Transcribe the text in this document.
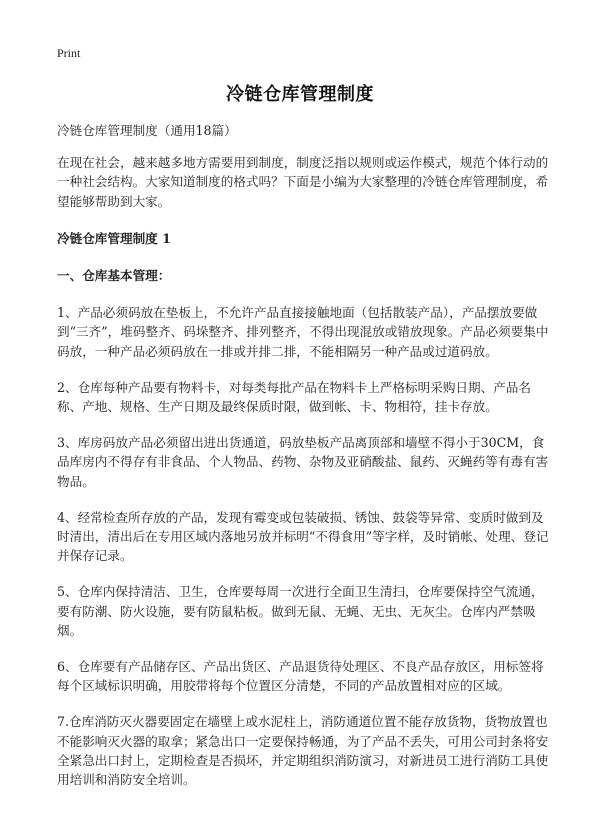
Print
冷链仓库管理制度

冷链仓库管理制度（通用18篇）

在现在社会，越来越多地方需要用到制度，制度泛指以规则或运作模式，规范个体行动的一种社会结构。大家知道制度的格式吗？下面是小编为大家整理的冷链仓库管理制度，希望能够帮助到大家。

冷链仓库管理制度 1

一、仓库基本管理：

1、产品必须码放在垫板上，不允许产品直接接触地面（包括散装产品），产品摆放要做到“三齐”，堆码整齐、码垛整齐、排列整齐，不得出现混放或错放现象。产品必须要集中码放，一种产品必须码放在一排或并排二排，不能相隔另一种产品或过道码放。

2、仓库每种产品要有物料卡，对每类每批产品在物料卡上严格标明采购日期、产品名称、产地、规格、生产日期及最终保质时限，做到帐、卡、物相符，挂卡存放。

3、库房码放产品必须留出进出货通道，码放垫板产品离顶部和墙壁不得小于30CM，食品库房内不得存有非食品、个人物品、药物、杂物及亚硝酸盐、鼠药、灭蝇药等有毒有害物品。

4、经常检查所存放的产品，发现有霉变或包装破损、锈蚀、鼓袋等异常、变质时做到及时清出，清出后在专用区域内落地另放并标明“不得食用”等字样，及时销帐、处理、登记并保存记录。

5、仓库内保持清洁、卫生，仓库要每周一次进行全面卫生清扫，仓库要保持空气流通，要有防潮、防火设施，要有防鼠粘板。做到无鼠、无蝇、无虫、无灰尘。仓库内严禁吸烟。

6、仓库要有产品储存区、产品出货区、产品退货待处理区、不良产品存放区，用标签将每个区域标识明确，用胶带将每个位置区分清楚，不同的产品放置相对应的区域。

7.仓库消防灭火器要固定在墙壁上或水泥柱上，消防通道位置不能存放货物，货物放置也不能影响灭火器的取拿；紧急出口一定要保持畅通，为了产品不丢失，可用公司封条将安全紧急出口封上，定期检查是否损坏，并定期组织消防演习，对新进员工进行消防工具使用培训和消防安全培训。
